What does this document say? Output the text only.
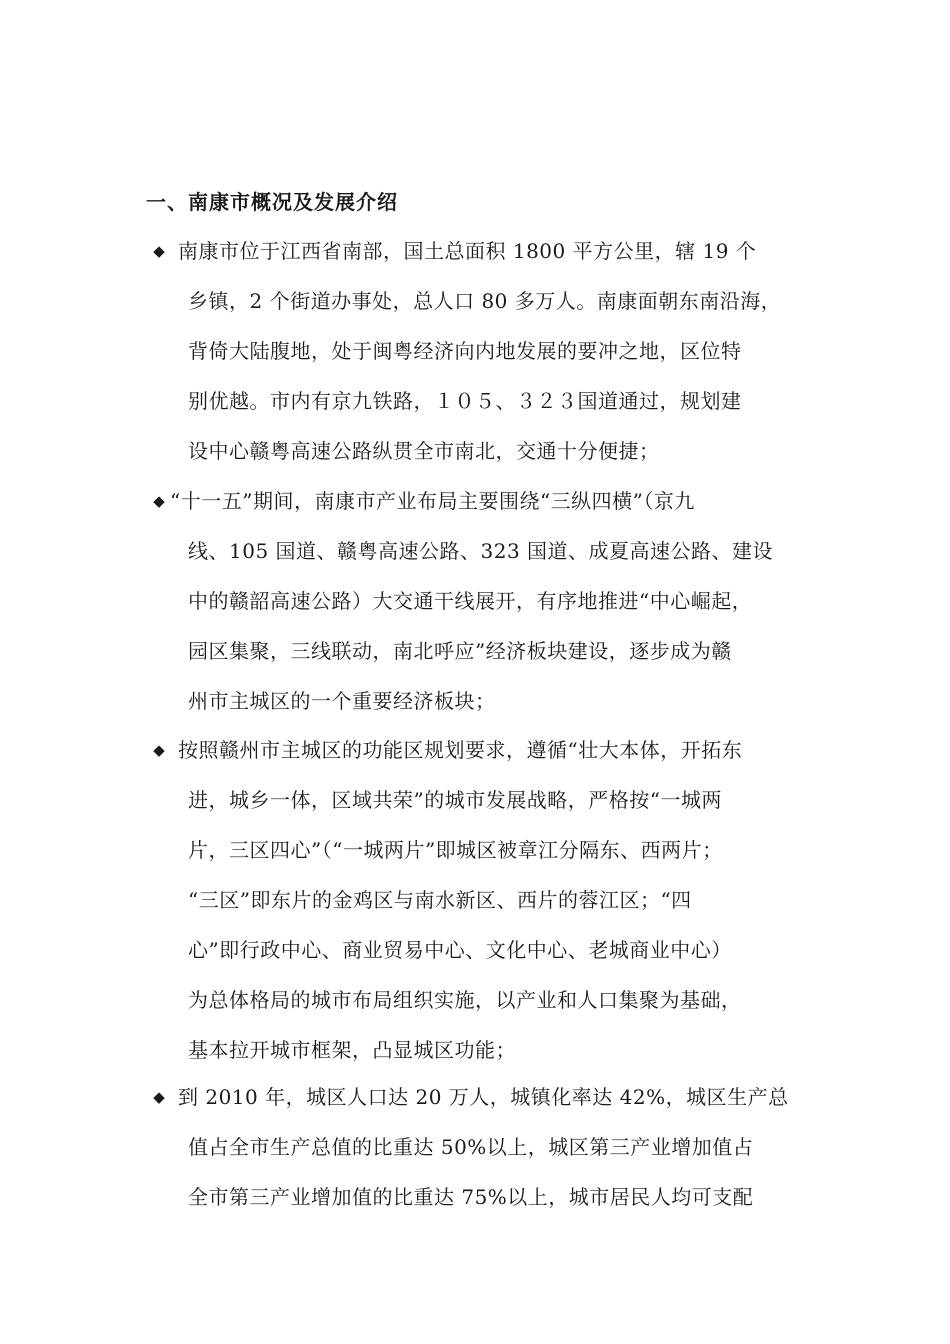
一、南康市概况及发展介绍
◆ 南康市位于江西省南部，国土总面积 1800 平方公里，辖 19 个
乡镇，2 个街道办事处，总人口 80 多万人。南康面朝东南沿海，
背倚大陆腹地，处于闽粤经济向内地发展的要冲之地，区位特
别优越。市内有京九铁路，１０５、３２３国道通过，规划建
设中心赣粤高速公路纵贯全市南北，交通十分便捷；
◆ “十一五”期间，南康市产业布局主要围绕“三纵四横”（京九
线、105 国道、赣粤高速公路、323 国道、成夏高速公路、建设
中的赣韶高速公路）大交通干线展开，有序地推进“中心崛起，
园区集聚，三线联动，南北呼应”经济板块建设，逐步成为赣
州市主城区的一个重要经济板块；
◆ 按照赣州市主城区的功能区规划要求，遵循“壮大本体，开拓东
进，城乡一体，区域共荣”的城市发展战略，严格按“一城两
片，三区四心”（“一城两片”即城区被章江分隔东、西两片；
“三区”即东片的金鸡区与南水新区、西片的蓉江区；“四
心”即行政中心、商业贸易中心、文化中心、老城商业中心）
为总体格局的城市布局组织实施，以产业和人口集聚为基础，
基本拉开城市框架，凸显城区功能；
◆ 到 2010 年，城区人口达 20 万人，城镇化率达 42%，城区生产总
值占全市生产总值的比重达 50%以上，城区第三产业增加值占
全市第三产业增加值的比重达 75%以上，城市居民人均可支配
